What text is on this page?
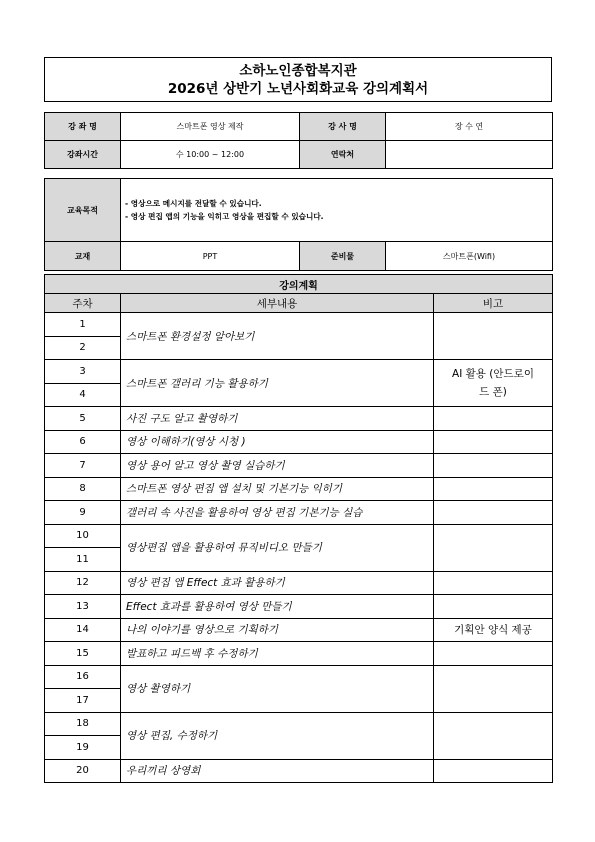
소하노인종합복지관
2026년 상반기 노년사회화교육 강의계획서
강 좌 명	스마트폰 영상 제작	강 사 명	장 수 연
강좌시간	수 10:00 ~ 12:00	연락처	
교육목적	- 영상으로 메시지를 전달할 수 있습니다.
- 영상 편집 앱의 기능을 익히고 영상을 편집할 수 있습니다.		

교재	PPT	준비물	스마트폰(Wifi)
강의계획		
주차	세부내용	비고
1	스마트폰 환경설정 알아보기	
2		
3	스마트폰 갤러리 기능 활용하기	AI 활용 (안드로이드 폰)
4		
5	사진 구도 알고 촬영하기	
6	영상 이해하기(영상 시청 )	
7	영상 용어 알고 영상 촬영 실습하기	
8	스마트폰 영상 편집 앱 설치 및 기본기능 익히기	
9	갤러리 속 사진을 활용하여 영상 편집 기본기능 실습	
10	영상편집 앱을 활용하여 뮤직비디오 만들기	
11		
12	영상 편집 앱 Effect 효과 활용하기	
13	Effect 효과를 활용하여 영상 만들기	
14	나의 이야기를 영상으로 기획하기	기획안 양식 제공
15	발표하고 피드백 후 수정하기	
16	영상 촬영하기	
17		
18	영상 편집, 수정하기	
19		
20	우리끼리 상영회	
